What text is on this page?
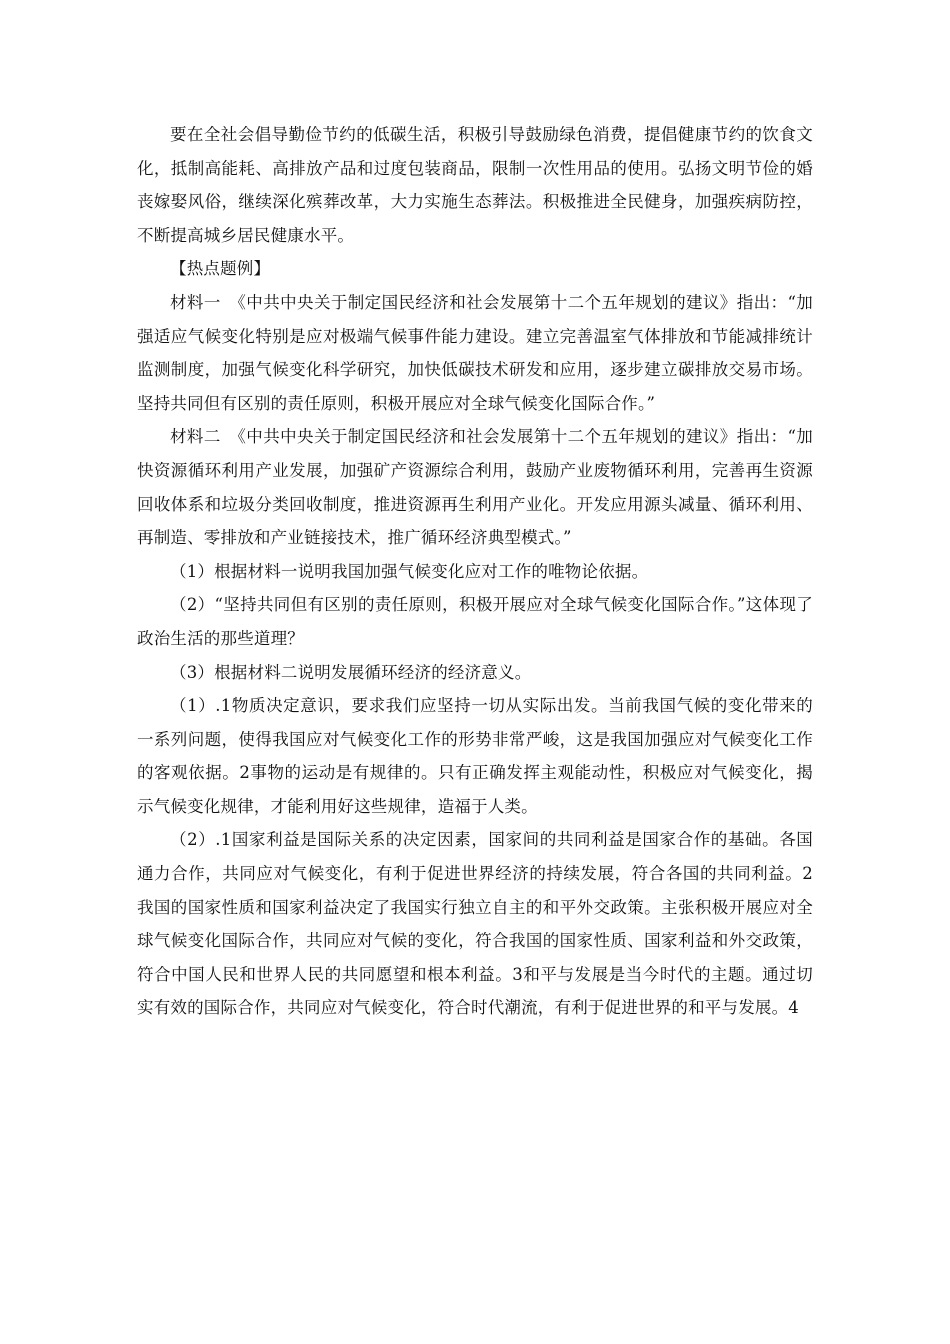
要在全社会倡导勤俭节约的低碳生活，积极引导鼓励绿色消费，提倡健康节约的饮食文化，抵制高能耗、高排放产品和过度包装商品，限制一次性用品的使用。弘扬文明节俭的婚丧嫁娶风俗，继续深化殡葬改革，大力实施生态葬法。积极推进全民健身，加强疾病防控，不断提高城乡居民健康水平。

【热点题例】

材料一　《中共中央关于制定国民经济和社会发展第十二个五年规划的建议》指出：“加强适应气候变化特别是应对极端气候事件能力建设。建立完善温室气体排放和节能减排统计监测制度，加强气候变化科学研究，加快低碳技术研发和应用，逐步建立碳排放交易市场。坚持共同但有区别的责任原则，积极开展应对全球气候变化国际合作。”

材料二　《中共中央关于制定国民经济和社会发展第十二个五年规划的建议》指出：“加快资源循环利用产业发展，加强矿产资源综合利用，鼓励产业废物循环利用，完善再生资源回收体系和垃圾分类回收制度，推进资源再生利用产业化。开发应用源头减量、循环利用、再制造、零排放和产业链接技术，推广循环经济典型模式。”

（1）根据材料一说明我国加强气候变化应对工作的唯物论依据。

（2）“坚持共同但有区别的责任原则，积极开展应对全球气候变化国际合作。”这体现了政治生活的那些道理？

（3）根据材料二说明发展循环经济的经济意义。

（1）.1物质决定意识，要求我们应坚持一切从实际出发。当前我国气候的变化带来的一系列问题，使得我国应对气候变化工作的形势非常严峻，这是我国加强应对气候变化工作的客观依据。2事物的运动是有规律的。只有正确发挥主观能动性，积极应对气候变化，揭示气候变化规律，才能利用好这些规律，造福于人类。

（2）.1国家利益是国际关系的决定因素，国家间的共同利益是国家合作的基础。各国通力合作，共同应对气候变化，有利于促进世界经济的持续发展，符合各国的共同利益。2我国的国家性质和国家利益决定了我国实行独立自主的和平外交政策。主张积极开展应对全球气候变化国际合作，共同应对气候的变化，符合我国的国家性质、国家利益和外交政策，符合中国人民和世界人民的共同愿望和根本利益。3和平与发展是当今时代的主题。通过切实有效的国际合作，共同应对气候变化，符合时代潮流，有利于促进世界的和平与发展。4
